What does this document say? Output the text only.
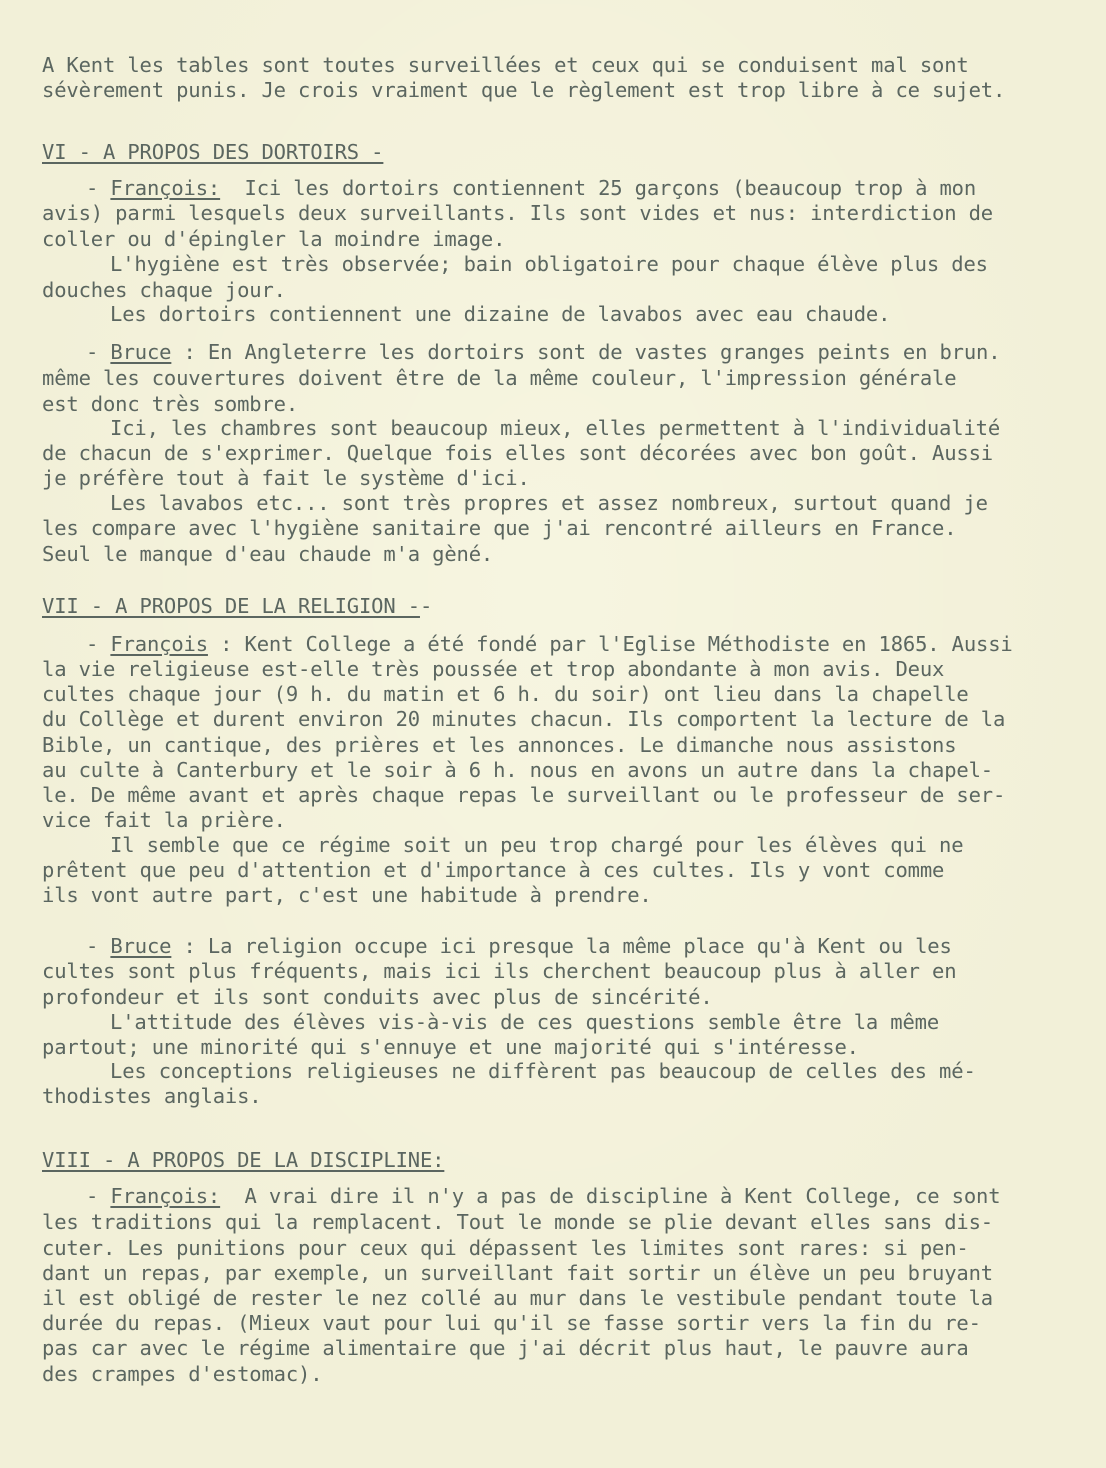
A Kent les tables sont toutes surveillées et ceux qui se conduisent mal sont
sévèrement punis. Je crois vraiment que le règlement est trop libre à ce sujet.
VI - A PROPOS DES DORTOIRS -
- François:  Ici les dortoirs contiennent 25 garçons (beaucoup trop à mon
avis) parmi lesquels deux surveillants. Ils sont vides et nus: interdiction de
coller ou d'épingler la moindre image.
L'hygiène est très observée; bain obligatoire pour chaque élève plus des
douches chaque jour.
Les dortoirs contiennent une dizaine de lavabos avec eau chaude.
- Bruce : En Angleterre les dortoirs sont de vastes granges peints en brun.
même les couvertures doivent être de la même couleur, l'impression générale
est donc très sombre.
Ici, les chambres sont beaucoup mieux, elles permettent à l'individualité
de chacun de s'exprimer. Quelque fois elles sont décorées avec bon goût. Aussi
je préfère tout à fait le système d'ici.
Les lavabos etc... sont très propres et assez nombreux, surtout quand je
les compare avec l'hygiène sanitaire que j'ai rencontré ailleurs en France.
Seul le manque d'eau chaude m'a gèné.
VII - A PROPOS DE LA RELIGION --
- François : Kent College a été fondé par l'Eglise Méthodiste en 1865. Aussi
la vie religieuse est-elle très poussée et trop abondante à mon avis. Deux
cultes chaque jour (9 h. du matin et 6 h. du soir) ont lieu dans la chapelle
du Collège et durent environ 20 minutes chacun. Ils comportent la lecture de la
Bible, un cantique, des prières et les annonces. Le dimanche nous assistons
au culte à Canterbury et le soir à 6 h. nous en avons un autre dans la chapel-
le. De même avant et après chaque repas le surveillant ou le professeur de ser-
vice fait la prière.
Il semble que ce régime soit un peu trop chargé pour les élèves qui ne
prêtent que peu d'attention et d'importance à ces cultes. Ils y vont comme
ils vont autre part, c'est une habitude à prendre.
- Bruce : La religion occupe ici presque la même place qu'à Kent ou les
cultes sont plus fréquents, mais ici ils cherchent beaucoup plus à aller en
profondeur et ils sont conduits avec plus de sincérité.
L'attitude des élèves vis-à-vis de ces questions semble être la même
partout; une minorité qui s'ennuye et une majorité qui s'intéresse.
Les conceptions religieuses ne diffèrent pas beaucoup de celles des mé-
thodistes anglais.
VIII - A PROPOS DE LA DISCIPLINE:
- François:  A vrai dire il n'y a pas de discipline à Kent College, ce sont
les traditions qui la remplacent. Tout le monde se plie devant elles sans dis-
cuter. Les punitions pour ceux qui dépassent les limites sont rares: si pen-
dant un repas, par exemple, un surveillant fait sortir un élève un peu bruyant
il est obligé de rester le nez collé au mur dans le vestibule pendant toute la
durée du repas. (Mieux vaut pour lui qu'il se fasse sortir vers la fin du re-
pas car avec le régime alimentaire que j'ai décrit plus haut, le pauvre aura
des crampes d'estomac).
